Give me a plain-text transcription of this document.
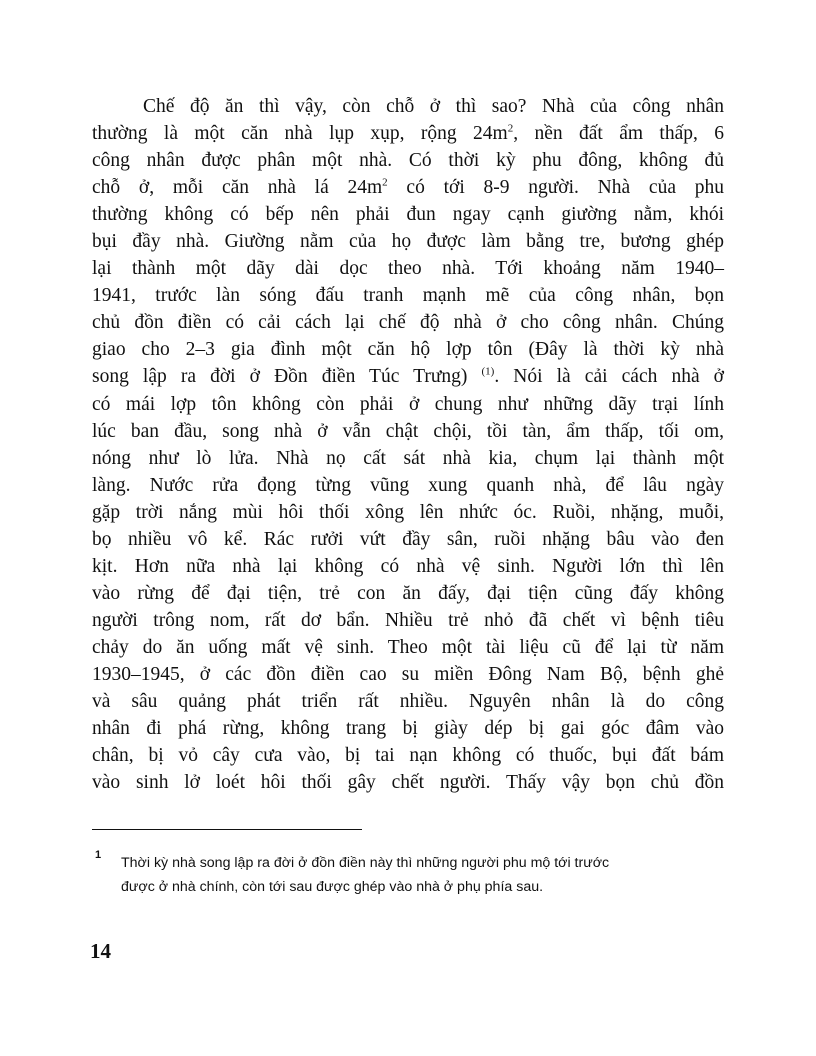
Chế độ ăn thì vậy, còn chỗ ở thì sao? Nhà của công nhân
thường là một căn nhà lụp xụp, rộng $24m^2$, nền đất ẩm thấp, 6
công nhân được phân một nhà. Có thời kỳ phu đông, không đủ
chỗ ở, mỗi căn nhà lá $24m^2$ có tới 8-9 người. Nhà của phu
thường không có bếp nên phải đun ngay cạnh giường nằm, khói
bụi đầy nhà. Giường nằm của họ được làm bằng tre, bương ghép
lại thành một dãy dài dọc theo nhà. Tới khoảng năm 1940–
1941, trước làn sóng đấu tranh mạnh mẽ của công nhân, bọn
chủ đồn điền có cải cách lại chế độ nhà ở cho công nhân. Chúng
giao cho 2–3 gia đình một căn hộ lợp tôn (Đây là thời kỳ nhà
song lập ra đời ở Đồn điền Túc Trưng) $^{(1)}$. Nói là cải cách nhà ở
có mái lợp tôn không còn phải ở chung như những dãy trại lính
lúc ban đầu, song nhà ở vẫn chật chội, tồi tàn, ẩm thấp, tối om,
nóng như lò lửa. Nhà nọ cất sát nhà kia, chụm lại thành một
làng. Nước rửa đọng từng vũng xung quanh nhà, để lâu ngày
gặp trời nắng mùi hôi thối xông lên nhức óc. Ruồi, nhặng, muỗi,
bọ nhiều vô kể. Rác rưởi vứt đầy sân, ruồi nhặng bâu vào đen
kịt. Hơn nữa nhà lại không có nhà vệ sinh. Người lớn thì lên
vào rừng để đại tiện, trẻ con ăn đấy, đại tiện cũng đấy không
người trông nom, rất dơ bẩn. Nhiều trẻ nhỏ đã chết vì bệnh tiêu
chảy do ăn uống mất vệ sinh. Theo một tài liệu cũ để lại từ năm
1930–1945, ở các đồn điền cao su miền Đông Nam Bộ, bệnh ghẻ
và sâu quảng phát triển rất nhiều. Nguyên nhân là do công
nhân đi phá rừng, không trang bị giày dép bị gai góc đâm vào
chân, bị vỏ cây cưa vào, bị tai nạn không có thuốc, bụi đất bám
vào sinh lở loét hôi thối gây chết người. Thấy vậy bọn chủ đồn
1 Thời kỳ nhà song lập ra đời ở đồn điền này thì những người phu mộ tới trước
được ở nhà chính, còn tới sau được ghép vào nhà ở phụ phía sau.
14
